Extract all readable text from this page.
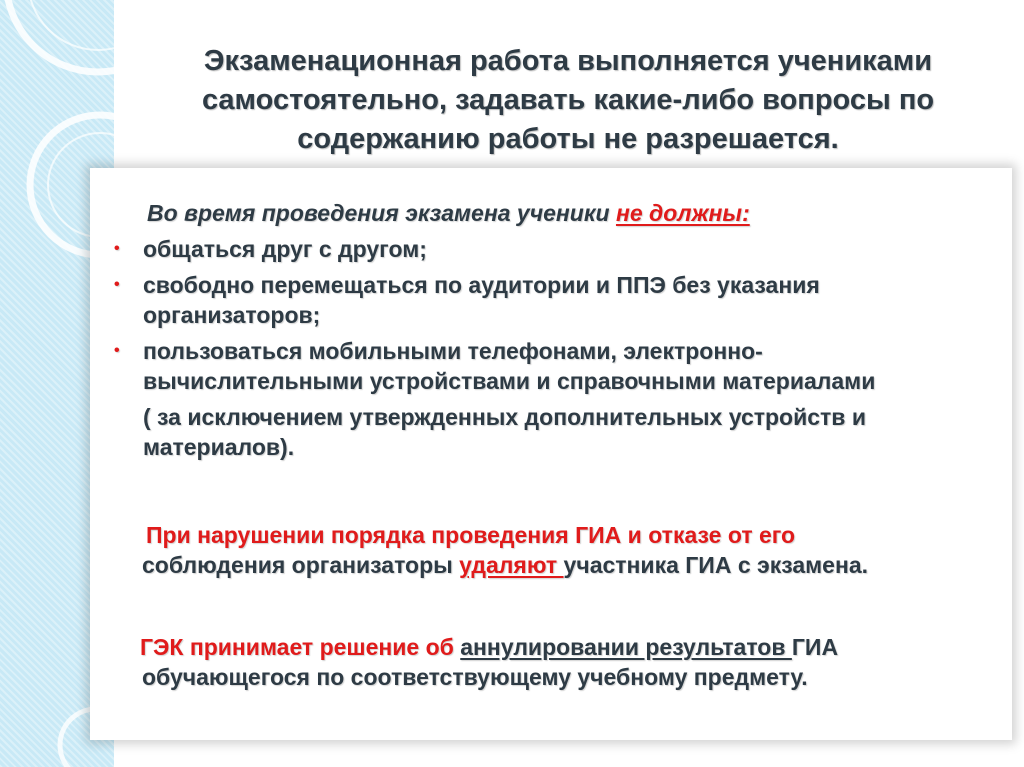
Экзаменационная работа выполняется учениками
самостоятельно, задавать какие-либо вопросы по
содержанию работы не разрешается.
Во время проведения экзамена ученики не должны:
• общаться друг с другом;
• свободно перемещаться по аудитории и ППЭ без указания
организаторов;
• пользоваться мобильными телефонами, электронно-
вычислительными устройствами и справочными материалами
( за исключением утвержденных дополнительных устройств и
материалов).
При нарушении порядка проведения ГИА и отказе от его
соблюдения организаторы удаляют участника ГИА с экзамена.
ГЭК принимает решение об аннулировании результатов ГИА
обучающегося по соответствующему учебному предмету.
